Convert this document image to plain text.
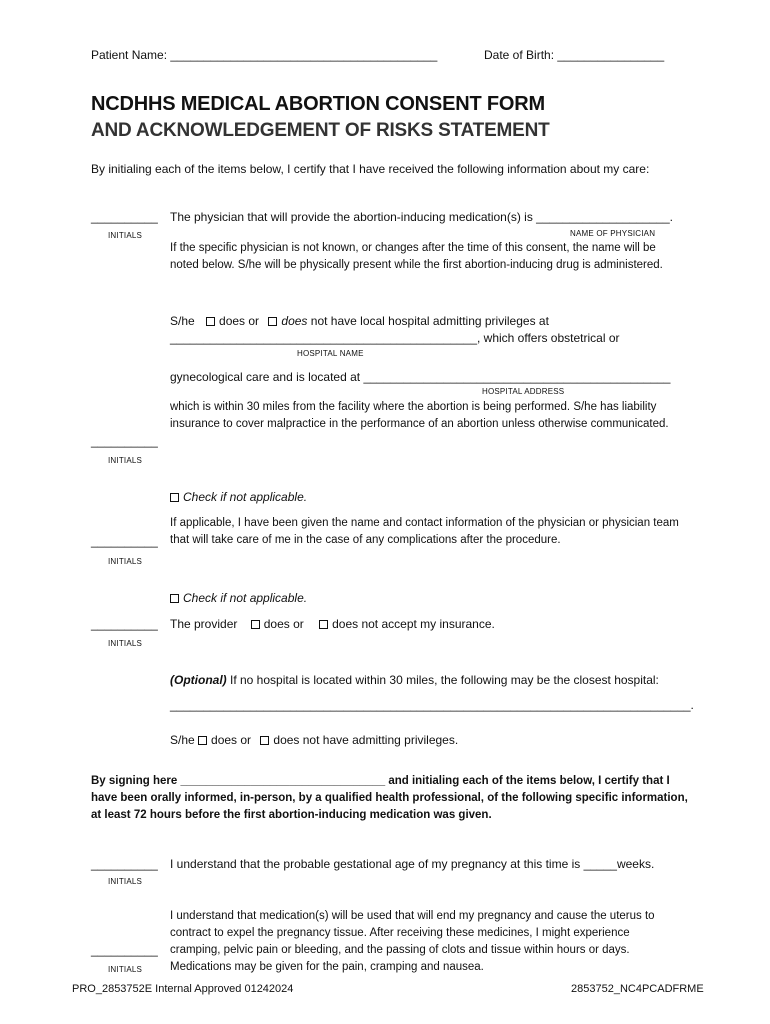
Patient Name: ________________________________________	Date of Birth: ________________
NCDHHS MEDICAL ABORTION CONSENT FORM
AND ACKNOWLEDGEMENT OF RISKS STATEMENT
By initialing each of the items below, I certify that I have received the following information about my care:
__________
INITIALS
The physician that will provide the abortion-inducing medication(s) is ____________________.
NAME OF PHYSICIAN
If the specific physician is not known, or changes after the time of this consent, the name will be noted below. S/he will be physically present while the first abortion-inducing drug is administered.
S/he does or does not have local hospital admitting privileges at
______________________________________________, which offers obstetrical or
HOSPITAL NAME
gynecological care and is located at ______________________________________________
HOSPITAL ADDRESS
which is within 30 miles from the facility where the abortion is being performed. S/he has liability insurance to cover malpractice in the performance of an abortion unless otherwise communicated.
__________
INITIALS
Check if not applicable.
If applicable, I have been given the name and contact information of the physician or physician team that will take care of me in the case of any complications after the procedure.
__________
INITIALS
Check if not applicable.
__________ The provider does or does not accept my insurance.
INITIALS
(Optional) If no hospital is located within 30 miles, the following may be the closest hospital:
______________________________________________________________________________.
S/he does or does not have admitting privileges.
By signing here ________________________________ and initialing each of the items below, I certify that I have been orally informed, in-person, by a qualified health professional, of the following specific information, at least 72 hours before the first abortion-inducing medication was given.
__________ I understand that the probable gestational age of my pregnancy at this time is _____weeks.
INITIALS
I understand that medication(s) will be used that will end my pregnancy and cause the uterus to contract to expel the pregnancy tissue. After receiving these medicines, I might experience cramping, pelvic pain or bleeding, and the passing of clots and tissue within hours or days. Medications may be given for the pain, cramping and nausea.
__________
INITIALS
PRO_2853752E Internal Approved 01242024	2853752_NC4PCADFRME
